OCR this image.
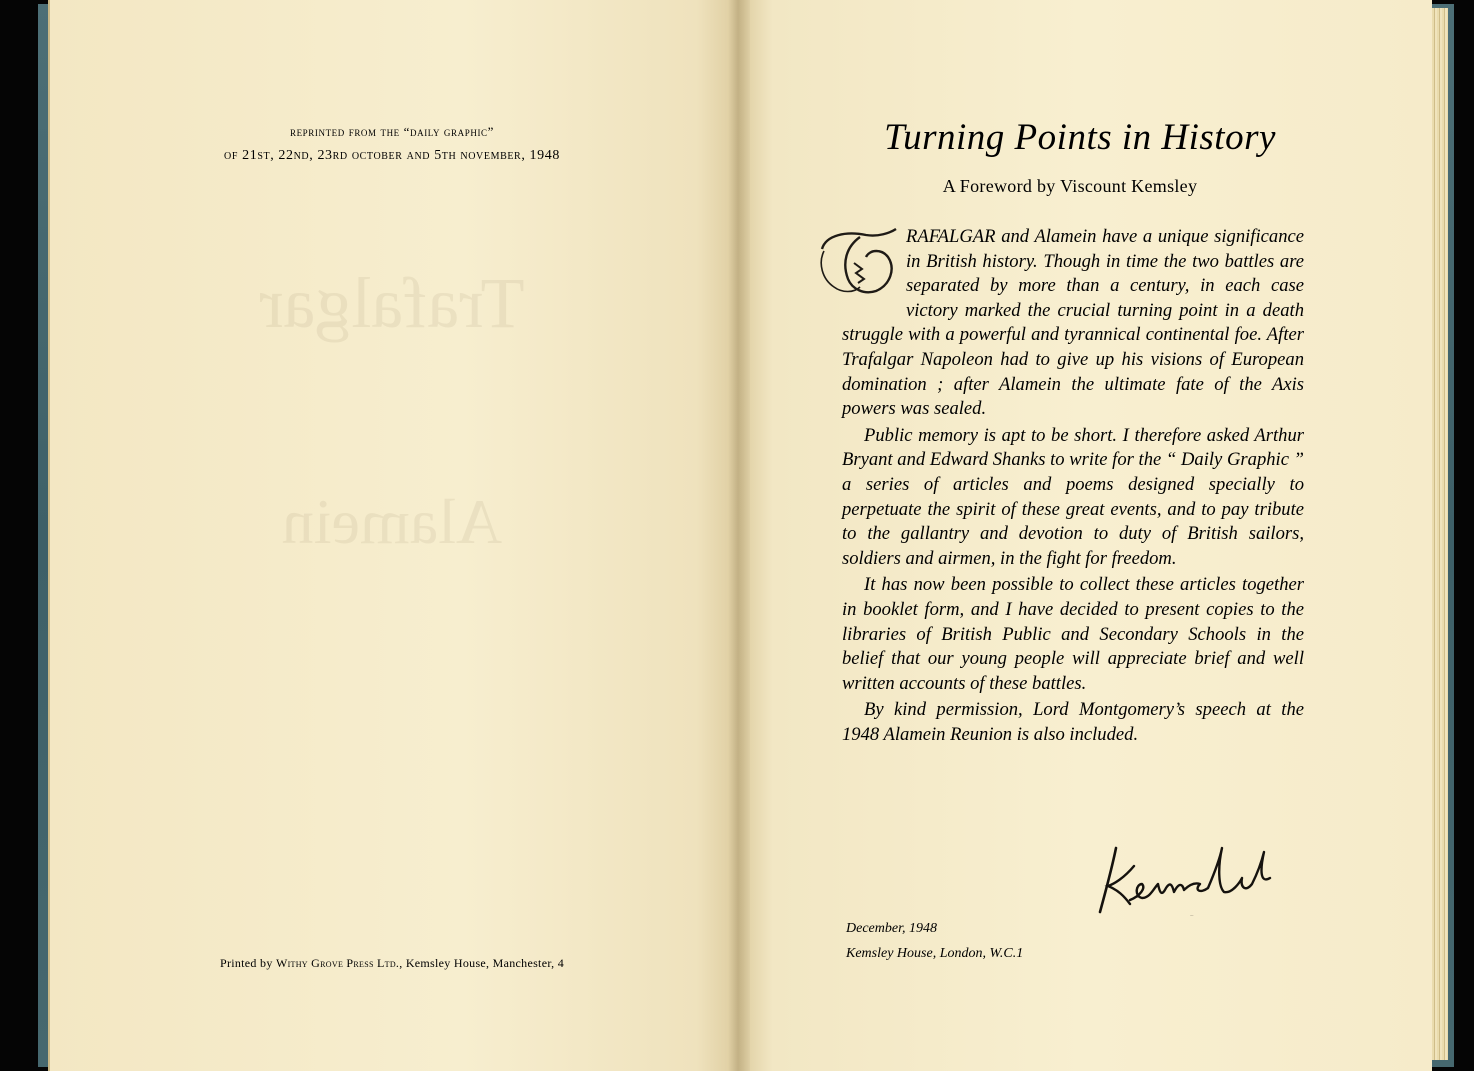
Trafalgar
Alamein
reprinted from the “daily graphic”
of 21st, 22nd, 23rd october and 5th november, 1948
Printed by Withy Grove Press Ltd., Kemsley House, Manchester, 4
Turning Points in History
A Foreword by Viscount Kemsley

T
RAFALGAR and Alamein have a unique significance in British history. Though in time the two battles are separated by more than a century, in each case victory marked the crucial turning point in a death struggle with a powerful and tyrannical continental foe. After Trafalgar Napoleon had to give up his visions of European domination ; after Alamein the ultimate fate of the Axis powers was sealed.

Public memory is apt to be short. I therefore asked Arthur Bryant and Edward Shanks to write for the “ Daily Graphic ” a series of articles and poems designed specially to perpetuate the spirit of these great events, and to pay tribute to the gallantry and devotion to duty of British sailors, soldiers and airmen, in the fight for freedom.

It has now been possible to collect these articles together in booklet form, and I have decided to present copies to the libraries of British Public and Secondary Schools in the belief that our young people will appreciate brief and well written accounts of these battles.

By kind permission, Lord Montgomery’s speech at the 1948 Alamein Reunion is also included.

Kemsley
December, 1948
Kemsley House, London, W.C.1
